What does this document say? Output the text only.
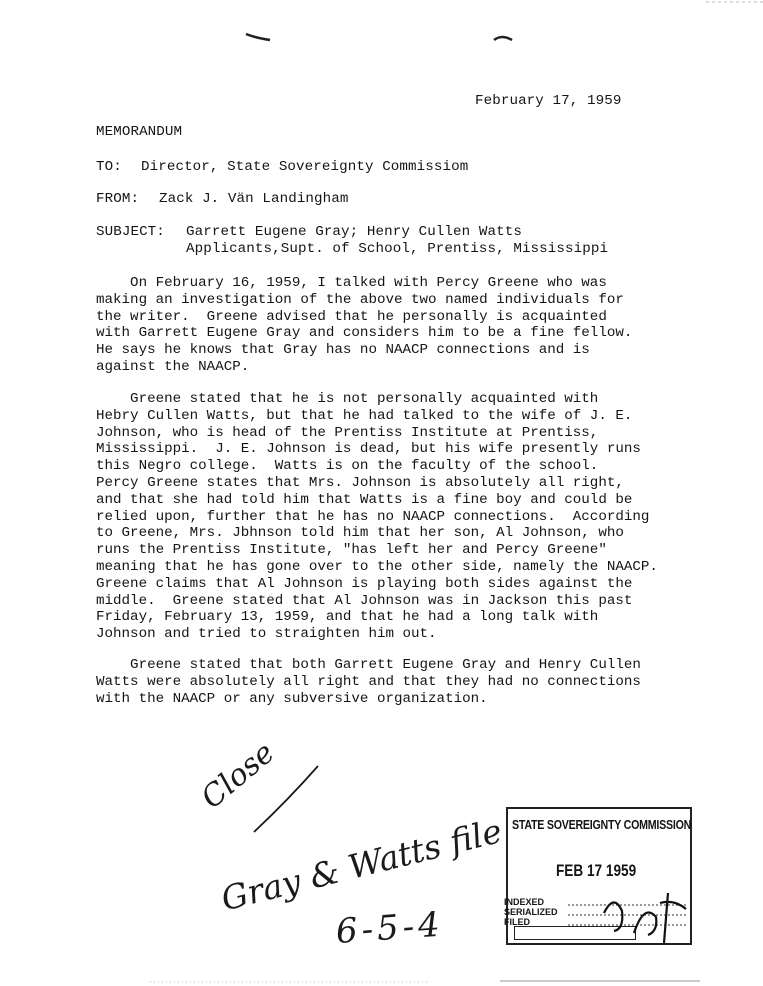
February 17, 1959
MEMORANDUM
TO: Director, State Sovereignty Commissiom
FROM: Zack J. Vän Landingham
SUBJECT: Garrett Eugene Gray; Henry Cullen Watts
Applicants,Supt. of School, Prentiss, Mississippi
On February 16, 1959, I talked with Percy Greene who was
making an investigation of the above two named individuals for
the writer.  Greene advised that he personally is acquainted
with Garrett Eugene Gray and considers him to be a fine fellow.
He says he knows that Gray has no NAACP connections and is
against the NAACP.
Greene stated that he is not personally acquainted with
Hebry Cullen Watts, but that he had talked to the wife of J. E.
Johnson, who is head of the Prentiss Institute at Prentiss,
Mississippi.  J. E. Johnson is dead, but his wife presently runs
this Negro college.  Watts is on the faculty of the school.
Percy Greene states that Mrs. Johnson is absolutely all right,
and that she had told him that Watts is a fine boy and could be
relied upon, further that he has no NAACP connections.  According
to Greene, Mrs. Jbhnson told him that her son, Al Johnson, who
runs the Prentiss Institute, "has left her and Percy Greene"
meaning that he has gone over to the other side, namely the NAACP.
Greene claims that Al Johnson is playing both sides against the
middle.  Greene stated that Al Johnson was in Jackson this past
Friday, February 13, 1959, and that he had a long talk with
Johnson and tried to straighten him out.
Greene stated that both Garrett Eugene Gray and Henry Cullen
Watts were absolutely all right and that they had no connections
with the NAACP or any subversive organization.
Close
Gray & Watts file
6-5-4
STATE SOVEREIGNTY COMMISSION
FEB 17 1959
INDEXED
SERIALIZED
FILED
